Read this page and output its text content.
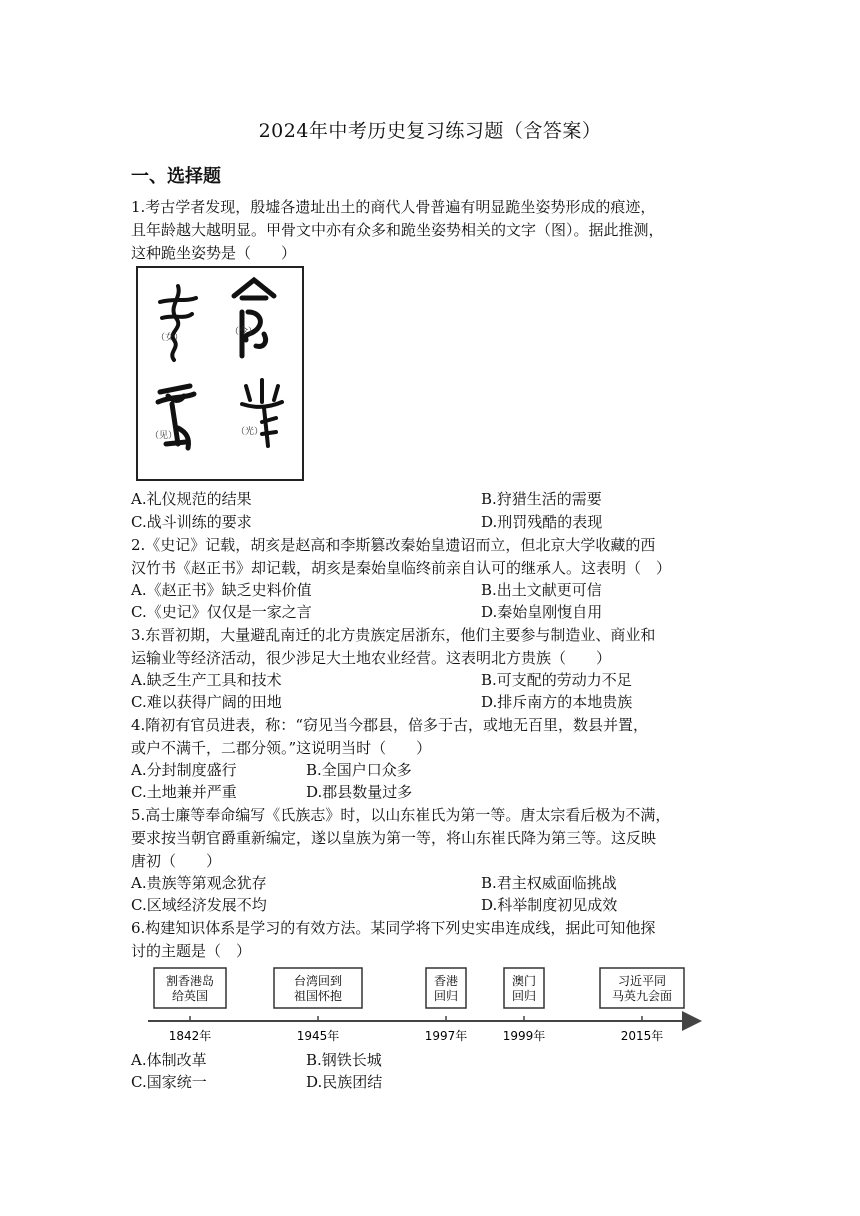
2024年中考历史复习练习题（含答案）
一、选择题
1.考古学者发现，殷墟各遗址出土的商代人骨普遍有明显跪坐姿势形成的痕迹，
且年龄越大越明显。甲骨文中亦有众多和跪坐姿势相关的文字（图）。据此推测，
这种跪坐姿势是（　　）
（女）
（令）
（见）	（光）
A.礼仪规范的结果	B.狩猎生活的需要
C.战斗训练的要求	D.刑罚残酷的表现
2.《史记》记载，胡亥是赵高和李斯篡改秦始皇遗诏而立，但北京大学收藏的西
汉竹书《赵正书》却记载，胡亥是秦始皇临终前亲自认可的继承人。这表明（　）
A.《赵正书》缺乏史料价值	B.出土文献更可信
C.《史记》仅仅是一家之言	D.秦始皇刚愎自用
3.东晋初期，大量避乱南迁的北方贵族定居浙东，他们主要参与制造业、商业和
运输业等经济活动，很少涉足大土地农业经营。这表明北方贵族（　　）
A.缺乏生产工具和技术	B.可支配的劳动力不足
C.难以获得广阔的田地	D.排斥南方的本地贵族
4.隋初有官员进表，称：“窃见当今郡县，倍多于古，或地无百里，数县并置，
或户不满千，二郡分领。”这说明当时（　　）
A.分封制度盛行	B.全国户口众多
C.土地兼并严重	D.郡县数量过多
5.高士廉等奉命编写《氏族志》时，以山东崔氏为第一等。唐太宗看后极为不满，
要求按当朝官爵重新编定，遂以皇族为第一等，将山东崔氏降为第三等。这反映
唐初（　　）
A.贵族等第观念犹存	B.君主权威面临挑战
C.区域经济发展不均	D.科举制度初见成效
6.构建知识体系是学习的有效方法。某同学将下列史实串连成线，据此可知他探
讨的主题是（　）
割香港岛
给英国
1842年
台湾回到
祖国怀抱
1945年
香港
回归
1997年
澳门
回归
1999年
习近平同
马英九会面
2015年
A.体制改革	B.钢铁长城
C.国家统一	D.民族团结
